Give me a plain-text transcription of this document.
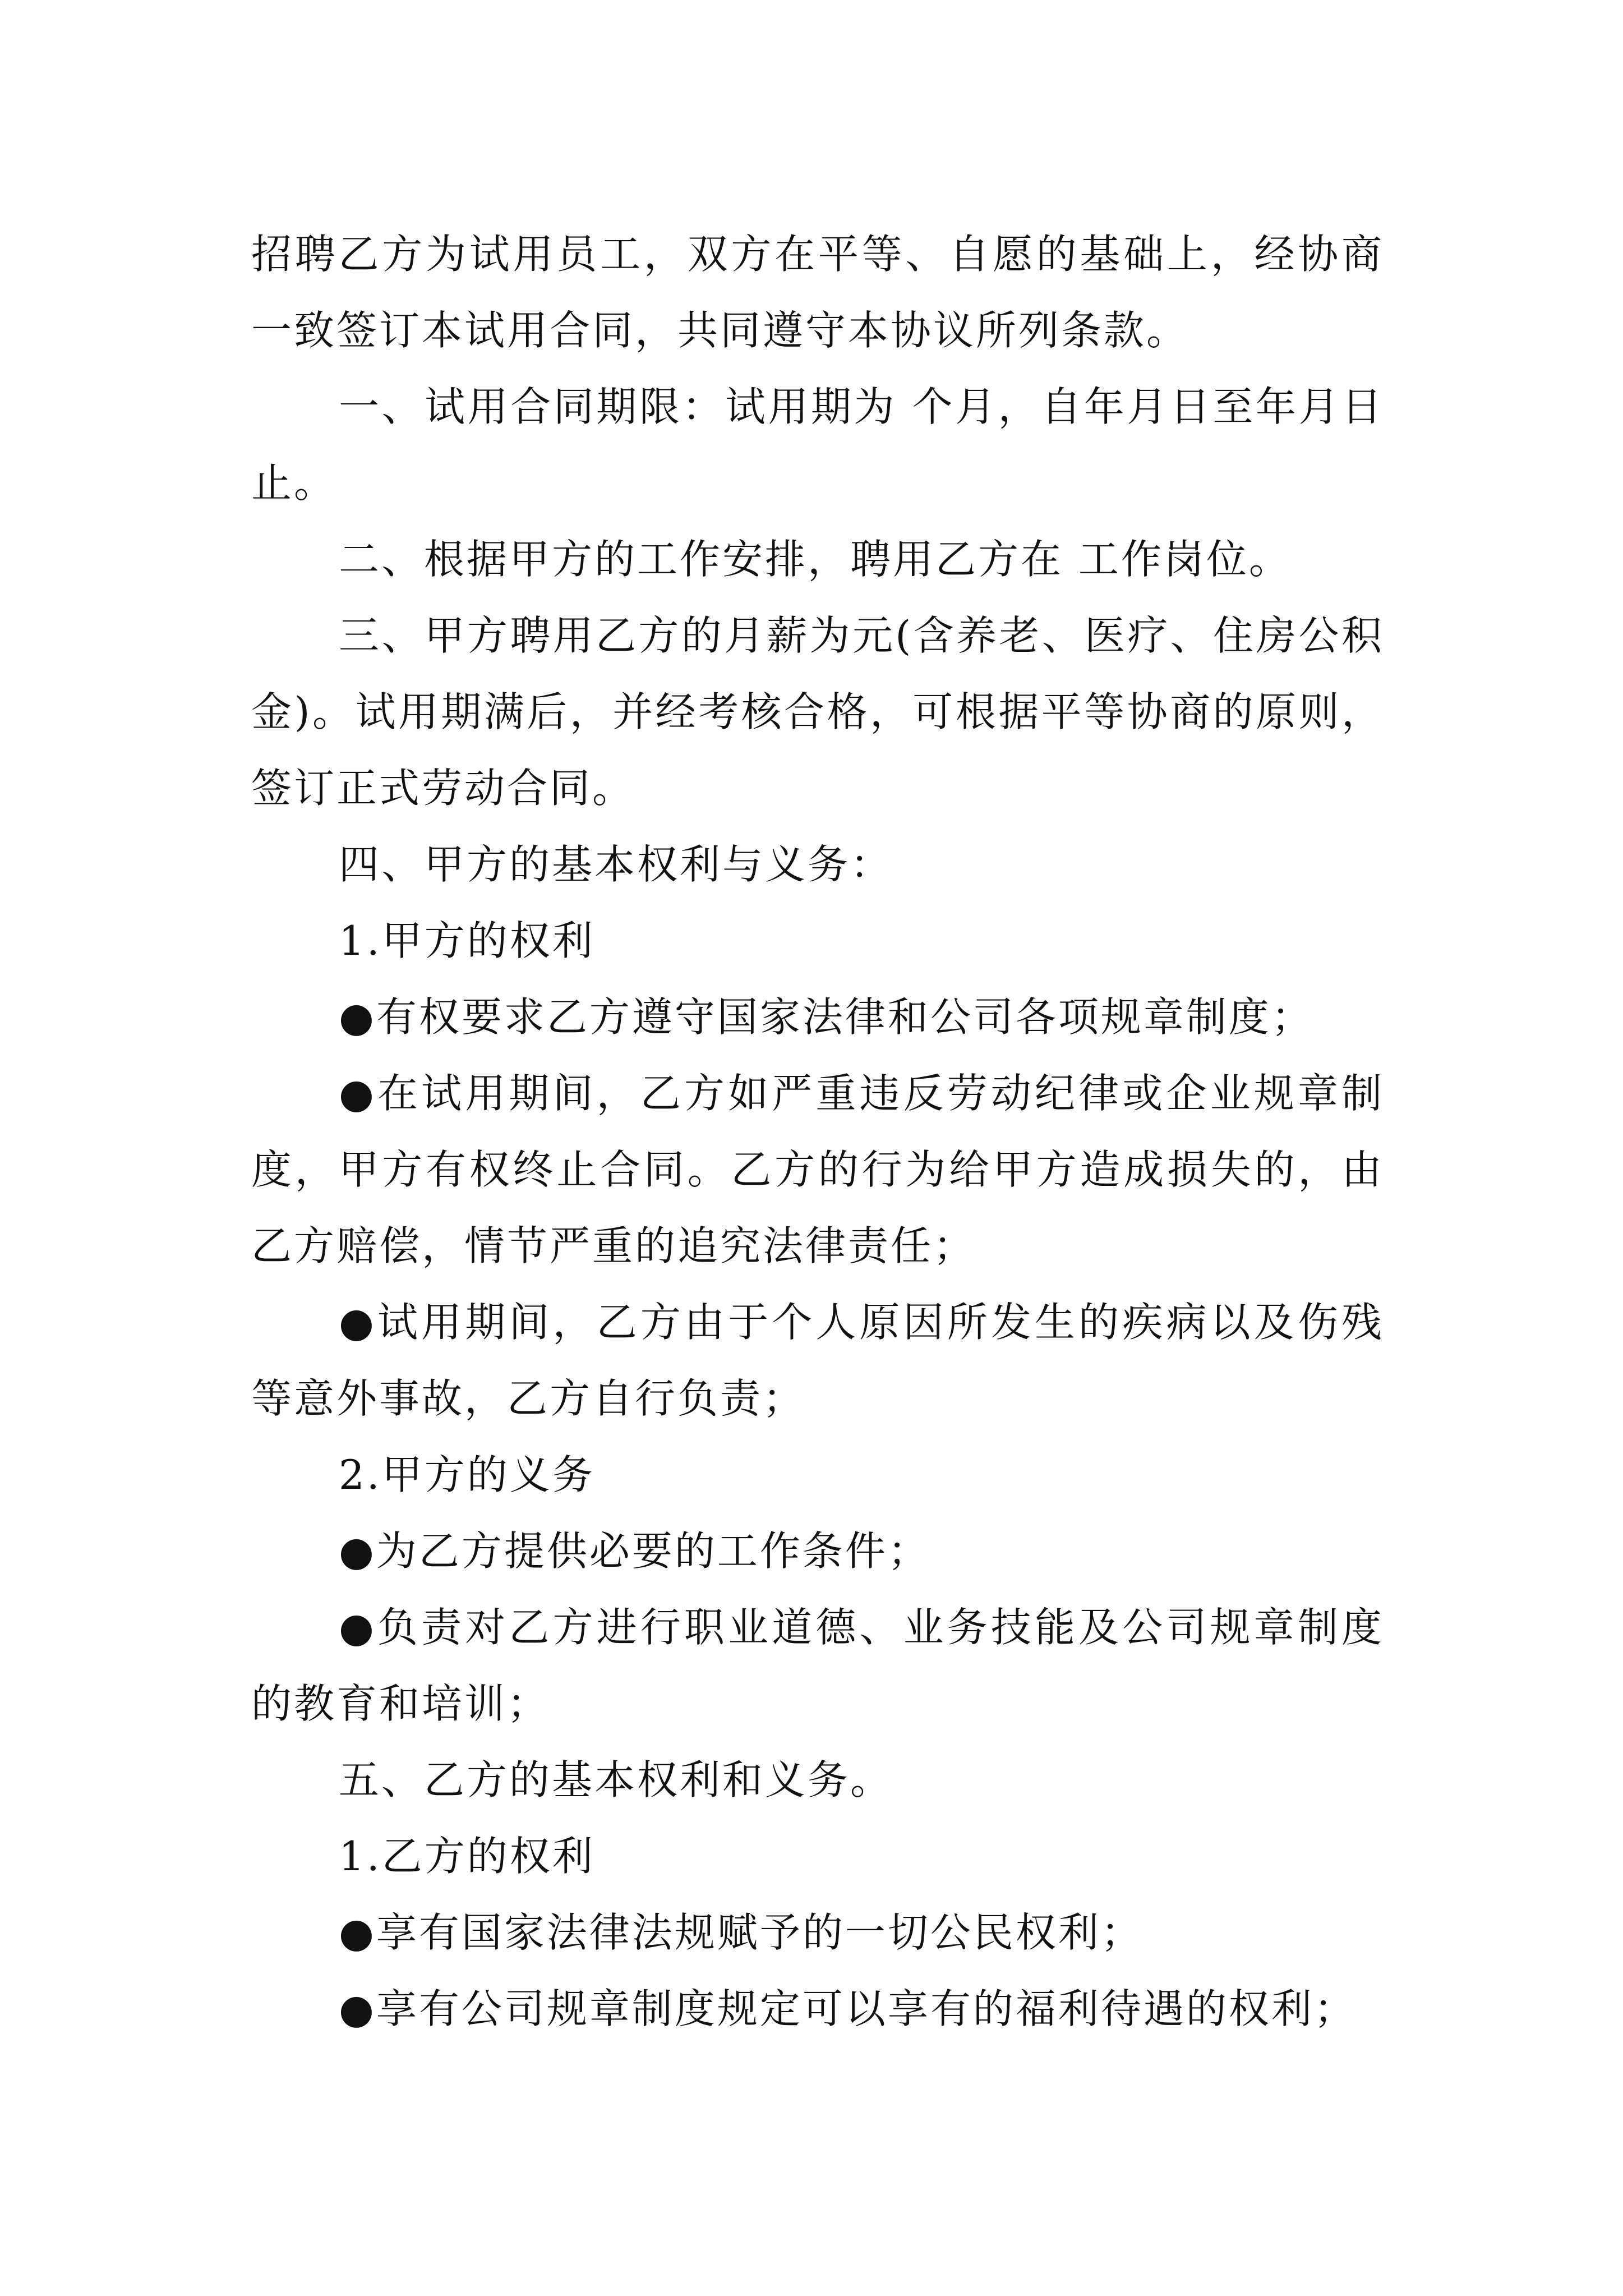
招聘乙方为试用员工，双方在平等、自愿的基础上，经协商一致签订本试用合同，共同遵守本协议所列条款。

一、试用合同期限：试用期为 个月，自年月日至年月日止。

二、根据甲方的工作安排，聘用乙方在 工作岗位。

三、甲方聘用乙方的月薪为元(含养老、医疗、住房公积金)。试用期满后，并经考核合格，可根据平等协商的原则，签订正式劳动合同。

四、甲方的基本权利与义务：

1.甲方的权利

●有权要求乙方遵守国家法律和公司各项规章制度；

●在试用期间，乙方如严重违反劳动纪律或企业规章制度，甲方有权终止合同。乙方的行为给甲方造成损失的，由乙方赔偿，情节严重的追究法律责任；

●试用期间，乙方由于个人原因所发生的疾病以及伤残等意外事故，乙方自行负责；

2.甲方的义务

●为乙方提供必要的工作条件；

●负责对乙方进行职业道德、业务技能及公司规章制度的教育和培训；

五、乙方的基本权利和义务。

1.乙方的权利

●享有国家法律法规赋予的一切公民权利；

●享有公司规章制度规定可以享有的福利待遇的权利；
